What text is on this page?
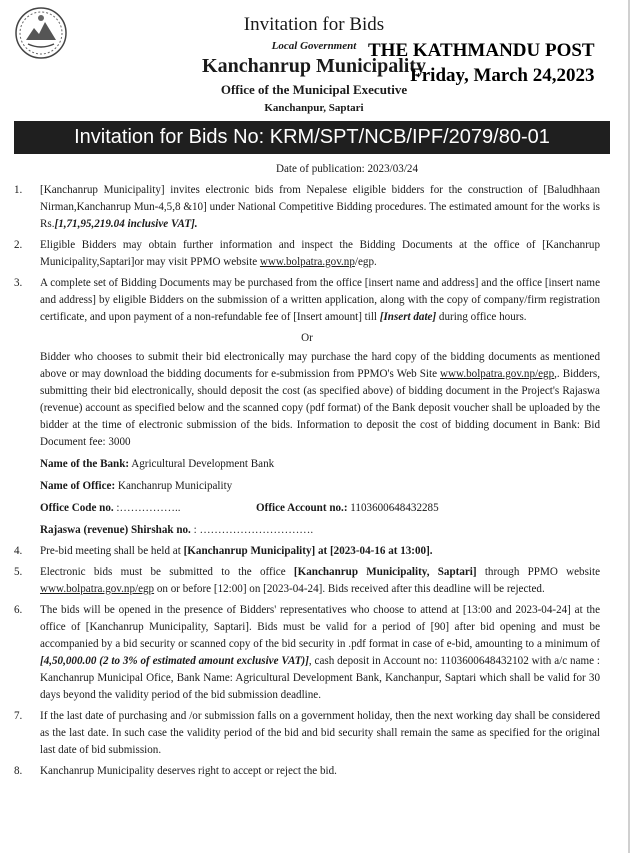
Invitation for Bids
Local Government
Kanchanrup Municipality
Office of the Municipal Executive
Kanchanpur, Saptari
THE KATHMANDU POST
Friday, March 24,2023
Invitation for Bids No: KRM/SPT/NCB/IPF/2079/80-01
Date of publication: 2023/03/24
1. [Kanchanrup Municipality] invites electronic bids from Nepalese eligible bidders for the construction of [Baludhhaan Nirman,Kanchanrup Mun-4,5,8 &10] under National Competitive Bidding procedures. The estimated amount for the works is Rs.[1,71,95,219.04 inclusive VAT].
2. Eligible Bidders may obtain further information and inspect the Bidding Documents at the office of [Kanchanrup Municipality,Saptari]or may visit PPMO website www.bolpatra.gov.np/egp.
3. A complete set of Bidding Documents may be purchased from the office [insert name and address] and the office [insert name and address] by eligible Bidders on the submission of a written application, along with the copy of company/firm registration certificate, and upon payment of a non-refundable fee of [Insert amount] till [Insert date] during office hours.
Or
Bidder who chooses to submit their bid electronically may purchase the hard copy of the bidding documents as mentioned above or may download the bidding documents for e-submission from PPMO's Web Site www.bolpatra.gov.np/egp,. Bidders, submitting their bid electronically, should deposit the cost (as specified above) of bidding document in the Project's Rajaswa (revenue) account as specified below and the scanned copy (pdf format) of the Bank deposit voucher shall be uploaded by the bidder at the time of electronic submission of the bids. Information to deposit the cost of bidding document in Bank: Bid Document fee: 3000
Name of the Bank: Agricultural Development Bank
Name of Office: Kanchanrup Municipality
Office Code no. :……………..	Office Account no.: 1103600648432285
Rajaswa (revenue) Shirshak no. : ………………………….
4. Pre-bid meeting shall be held at [Kanchanrup Municipality] at [2023-04-16 at 13:00].
5. Electronic bids must be submitted to the office [Kanchanrup Municipality, Saptari] through PPMO website www.bolpatra.gov.np/egp on or before [12:00] on [2023-04-24]. Bids received after this deadline will be rejected.
6. The bids will be opened in the presence of Bidders' representatives who choose to attend at [13:00 and 2023-04-24] at the office of [Kanchanrup Municipality, Saptari]. Bids must be valid for a period of [90] after bid opening and must be accompanied by a bid security or scanned copy of the bid security in .pdf format in case of e-bid, amounting to a minimum of [4,50,000.00 (2 to 3% of estimated amount exclusive VAT)], cash deposit in Account no: 1103600648432102 with a/c name : Kanchanrup Municipal Ofice, Bank Name: Agricultural Development Bank, Kanchanpur, Saptari which shall be valid for 30 days beyond the validity period of the bid submission deadline.
7. If the last date of purchasing and /or submission falls on a government holiday, then the next working day shall be considered as the last date. In such case the validity period of the bid and bid security shall remain the same as specified for the original last date of bid submission.
8. Kanchanrup Municipality deserves right to accept or reject the bid.
